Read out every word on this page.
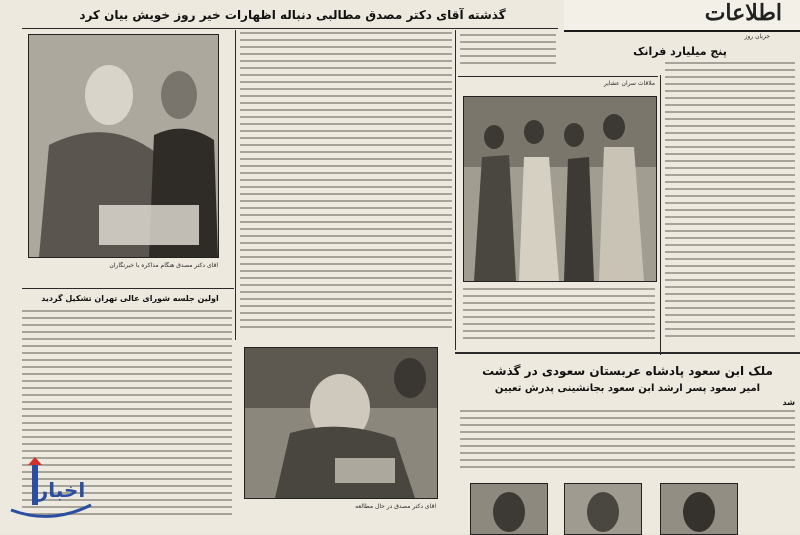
اطلاعات
جریان روز
گذشته آقای دکتر مصدق مطالبی دنباله اظهارات خیر روز خویش بیان کرد
آقای دکتر مصدق هنگام مذاکره با خبرنگاران
اولین جلسه شورای عالی تهران تشکیل گردید
آقای دکتر مصدق در حال مطالعه
پنج میلیارد فرانک
ملاقات سران عشایر
ملک ابن سعود پادشاه عربستان سعودی در گذشت
امیر سعود پسر ارشد ابن سعود بجانشینی پدرش تعیین
شد
اخبار
